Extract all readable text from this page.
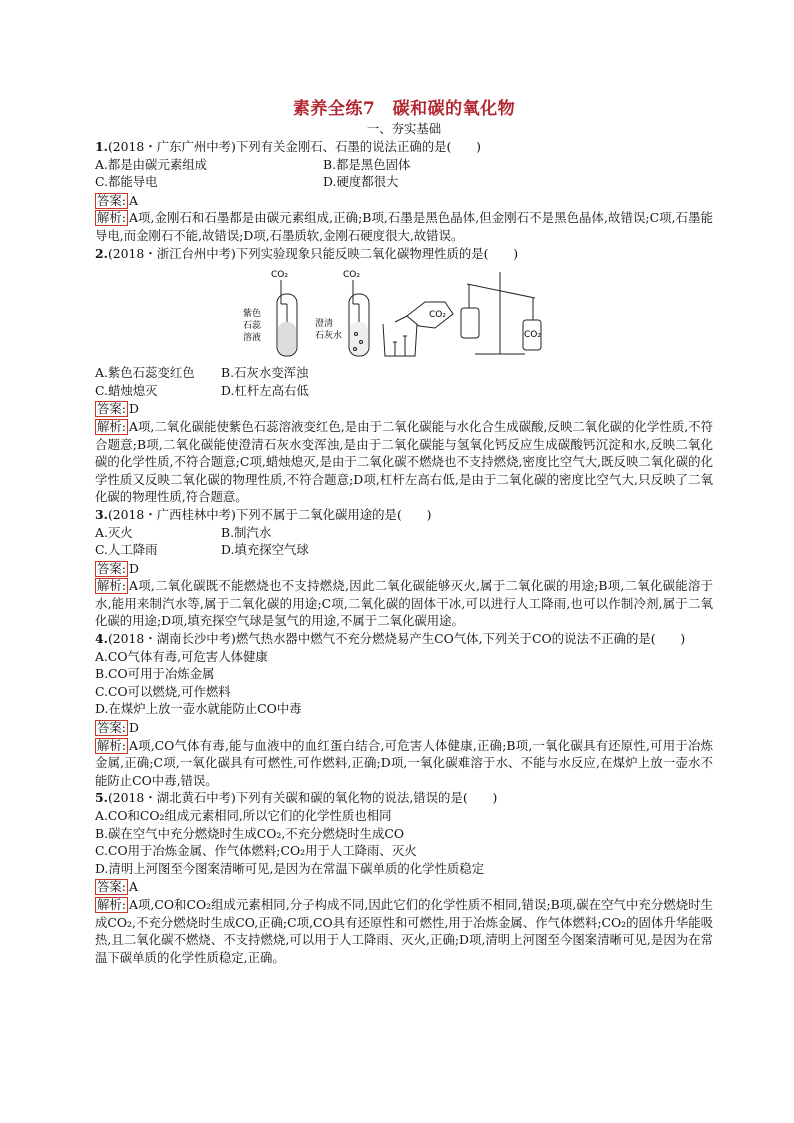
素养全练7　碳和碳的氧化物
一、夯实基础
1.(2018・广东广州中考)下列有关金刚石、石墨的说法正确的是(　　)
A.都是由碳元素组成	B.都是黑色固体
C.都能导电	D.硬度都很大
答案: A
解析: A项,金刚石和石墨都是由碳元素组成,正确;B项,石墨是黑色晶体,但金刚石不是黑色晶体,故错误;C项,石墨能导电,而金刚石不能,故错误;D项,石墨质软,金刚石硬度很大,故错误。
2.(2018・浙江台州中考)下列实验现象只能反映二氧化碳物理性质的是(　　)
CO₂	CO₂
紫色
石蕊
溶液
澄清
石灰水
CO₂
CO₂
A.紫色石蕊变红色	B.石灰水变浑浊
C.蜡烛熄灭	D.杠杆左高右低
答案: D
解析: A项,二氧化碳能使紫色石蕊溶液变红色,是由于二氧化碳能与水化合生成碳酸,反映二氧化碳的化学性质,不符合题意;B项,二氧化碳能使澄清石灰水变浑浊,是由于二氧化碳能与氢氧化钙反应生成碳酸钙沉淀和水,反映二氧化碳的化学性质,不符合题意;C项,蜡烛熄灭,是由于二氧化碳不燃烧也不支持燃烧,密度比空气大,既反映二氧化碳的化学性质又反映二氧化碳的物理性质,不符合题意;D项,杠杆左高右低,是由于二氧化碳的密度比空气大,只反映了二氧化碳的物理性质,符合题意。
3.(2018・广西桂林中考)下列不属于二氧化碳用途的是(　　)
A.灭火	B.制汽水
C.人工降雨	D.填充探空气球
答案: D
解析: A项,二氧化碳既不能燃烧也不支持燃烧,因此二氧化碳能够灭火,属于二氧化碳的用途;B项,二氧化碳能溶于水,能用来制汽水等,属于二氧化碳的用途;C项,二氧化碳的固体干冰,可以进行人工降雨,也可以作制冷剂,属于二氧化碳的用途;D项,填充探空气球是氢气的用途,不属于二氧化碳用途。
4.(2018・湖南长沙中考)燃气热水器中燃气不充分燃烧易产生CO气体,下列关于CO的说法不正确的是(　　)
A.CO气体有毒,可危害人体健康
B.CO可用于冶炼金属
C.CO可以燃烧,可作燃料
D.在煤炉上放一壶水就能防止CO中毒
答案: D
解析: A项,CO气体有毒,能与血液中的血红蛋白结合,可危害人体健康,正确;B项,一氧化碳具有还原性,可用于冶炼金属,正确;C项,一氧化碳具有可燃性,可作燃料,正确;D项,一氧化碳难溶于水、不能与水反应,在煤炉上放一壶水不能防止CO中毒,错误。
5.(2018・湖北黄石中考)下列有关碳和碳的氧化物的说法,错误的是(　　)
A.CO和CO₂组成元素相同,所以它们的化学性质也相同
B.碳在空气中充分燃烧时生成CO₂,不充分燃烧时生成CO
C.CO用于冶炼金属、作气体燃料;CO₂用于人工降雨、灭火
D.清明上河图至今图案清晰可见,是因为在常温下碳单质的化学性质稳定
答案: A
解析: A项,CO和CO₂组成元素相同,分子构成不同,因此它们的化学性质不相同,错误;B项,碳在空气中充分燃烧时生成CO₂,不充分燃烧时生成CO,正确;C项,CO具有还原性和可燃性,用于冶炼金属、作气体燃料;CO₂的固体升华能吸热,且二氧化碳不燃烧、不支持燃烧,可以用于人工降雨、灭火,正确;D项,清明上河图至今图案清晰可见,是因为在常温下碳单质的化学性质稳定,正确。
